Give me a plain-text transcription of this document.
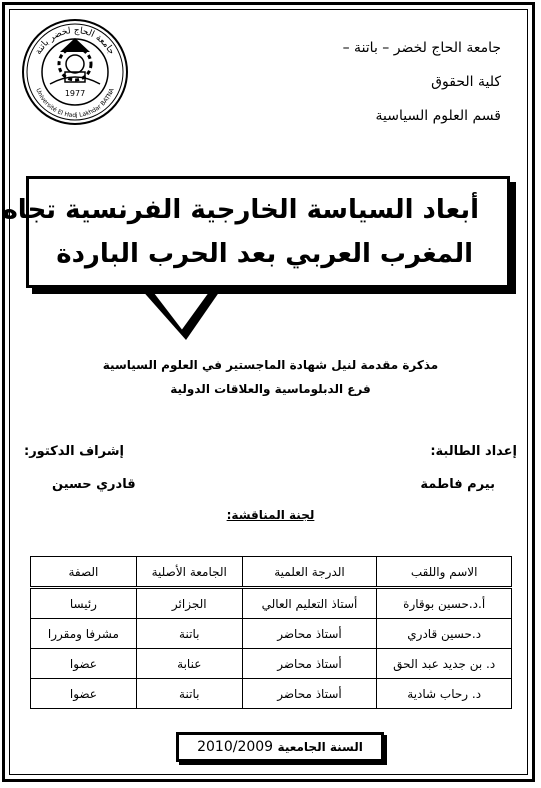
جامعة الحاج لخضر باتنة
Université El Hadj Lakhdar BATNA
1977
جامعة الحاج لخضر – باتنة –
كلية الحقوق
قسم العلوم السياسية
أبعاد السياسة الخارجية الفرنسية تجاه
المغرب العربي بعد الحرب الباردة
مذكرة مقدمة لنيل شهادة الماجستير في العلوم السياسية
فرع الدبلوماسية والعلاقات الدولية
إعداد الطالبة:
بيرم فاطمة
إشراف الدكتور:
قادري حسين
لجنة المناقشة:
الاسم واللقب	الدرجة العلمية	الجامعة الأصلية	الصفة
أ.د.حسين بوقارة	أستاذ التعليم العالي	الجزائر	رئيسا
د.حسين قادري	أستاذ محاضر	باتنة	مشرفا ومقررا
د. بن جديد عبد الحق	أستاذ محاضر	عنابة	عضوا
د. رحاب شادية	أستاذ محاضر	باتنة	عضوا
السنة الجامعية 2010/2009
